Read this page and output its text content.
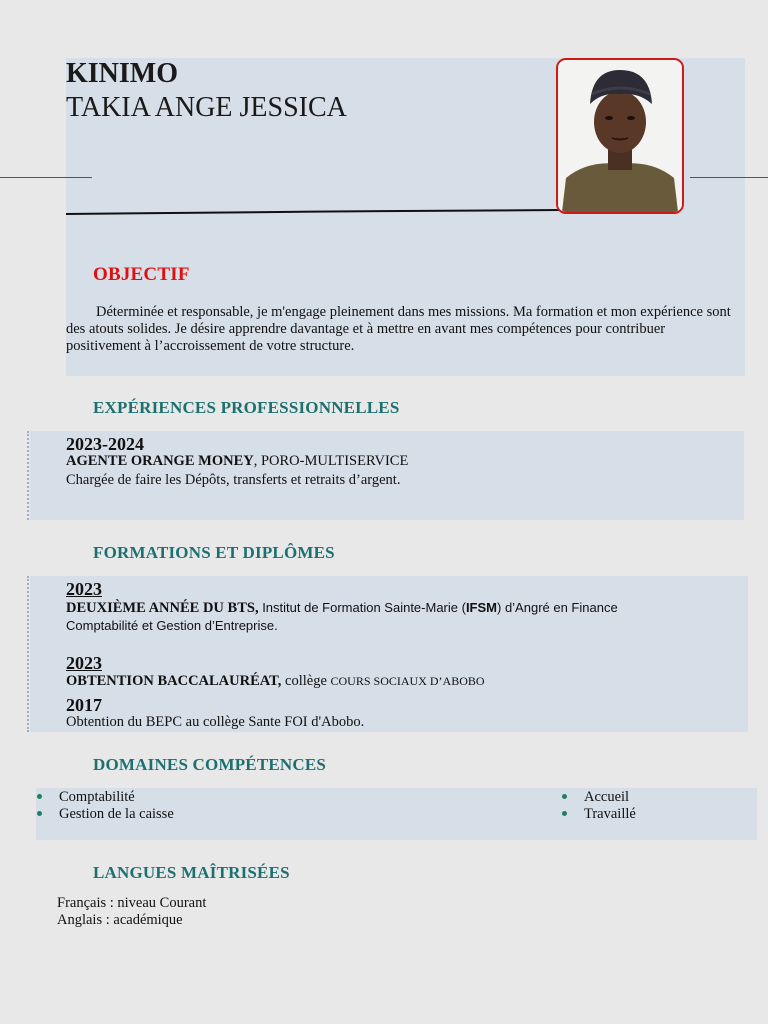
KINIMO
TAKIA ANGE JESSICA
OBJECTIF
Déterminée et responsable, je m'engage pleinement dans mes missions. Ma formation et mon expérience sont des atouts solides. Je désire apprendre davantage et à mettre en avant mes compétences pour contribuer positivement à l’accroissement de votre structure.
EXPÉRIENCES PROFESSIONNELLES
2023-2024
AGENTE ORANGE MONEY, PORO-MULTISERVICE
Chargée de faire les Dépôts, transferts et retraits d’argent.
FORMATIONS ET DIPLÔMES
2023
DEUXIÈME ANNÉE DU BTS, Institut de Formation Sainte-Marie (IFSM) d’Angré en Finance
Comptabilité et Gestion d’Entreprise.
2023
OBTENTION BACCALAURÉAT, collège COURS SOCIAUX D’ABOBO
2017
Obtention du BEPC au collège Sante FOI d'Abobo.
DOMAINES COMPÉTENCES
Comptabilité
Gestion de la caisse
Accueil
Travaillé
LANGUES MAÎTRISÉES
Français : niveau Courant
Anglais : académique
